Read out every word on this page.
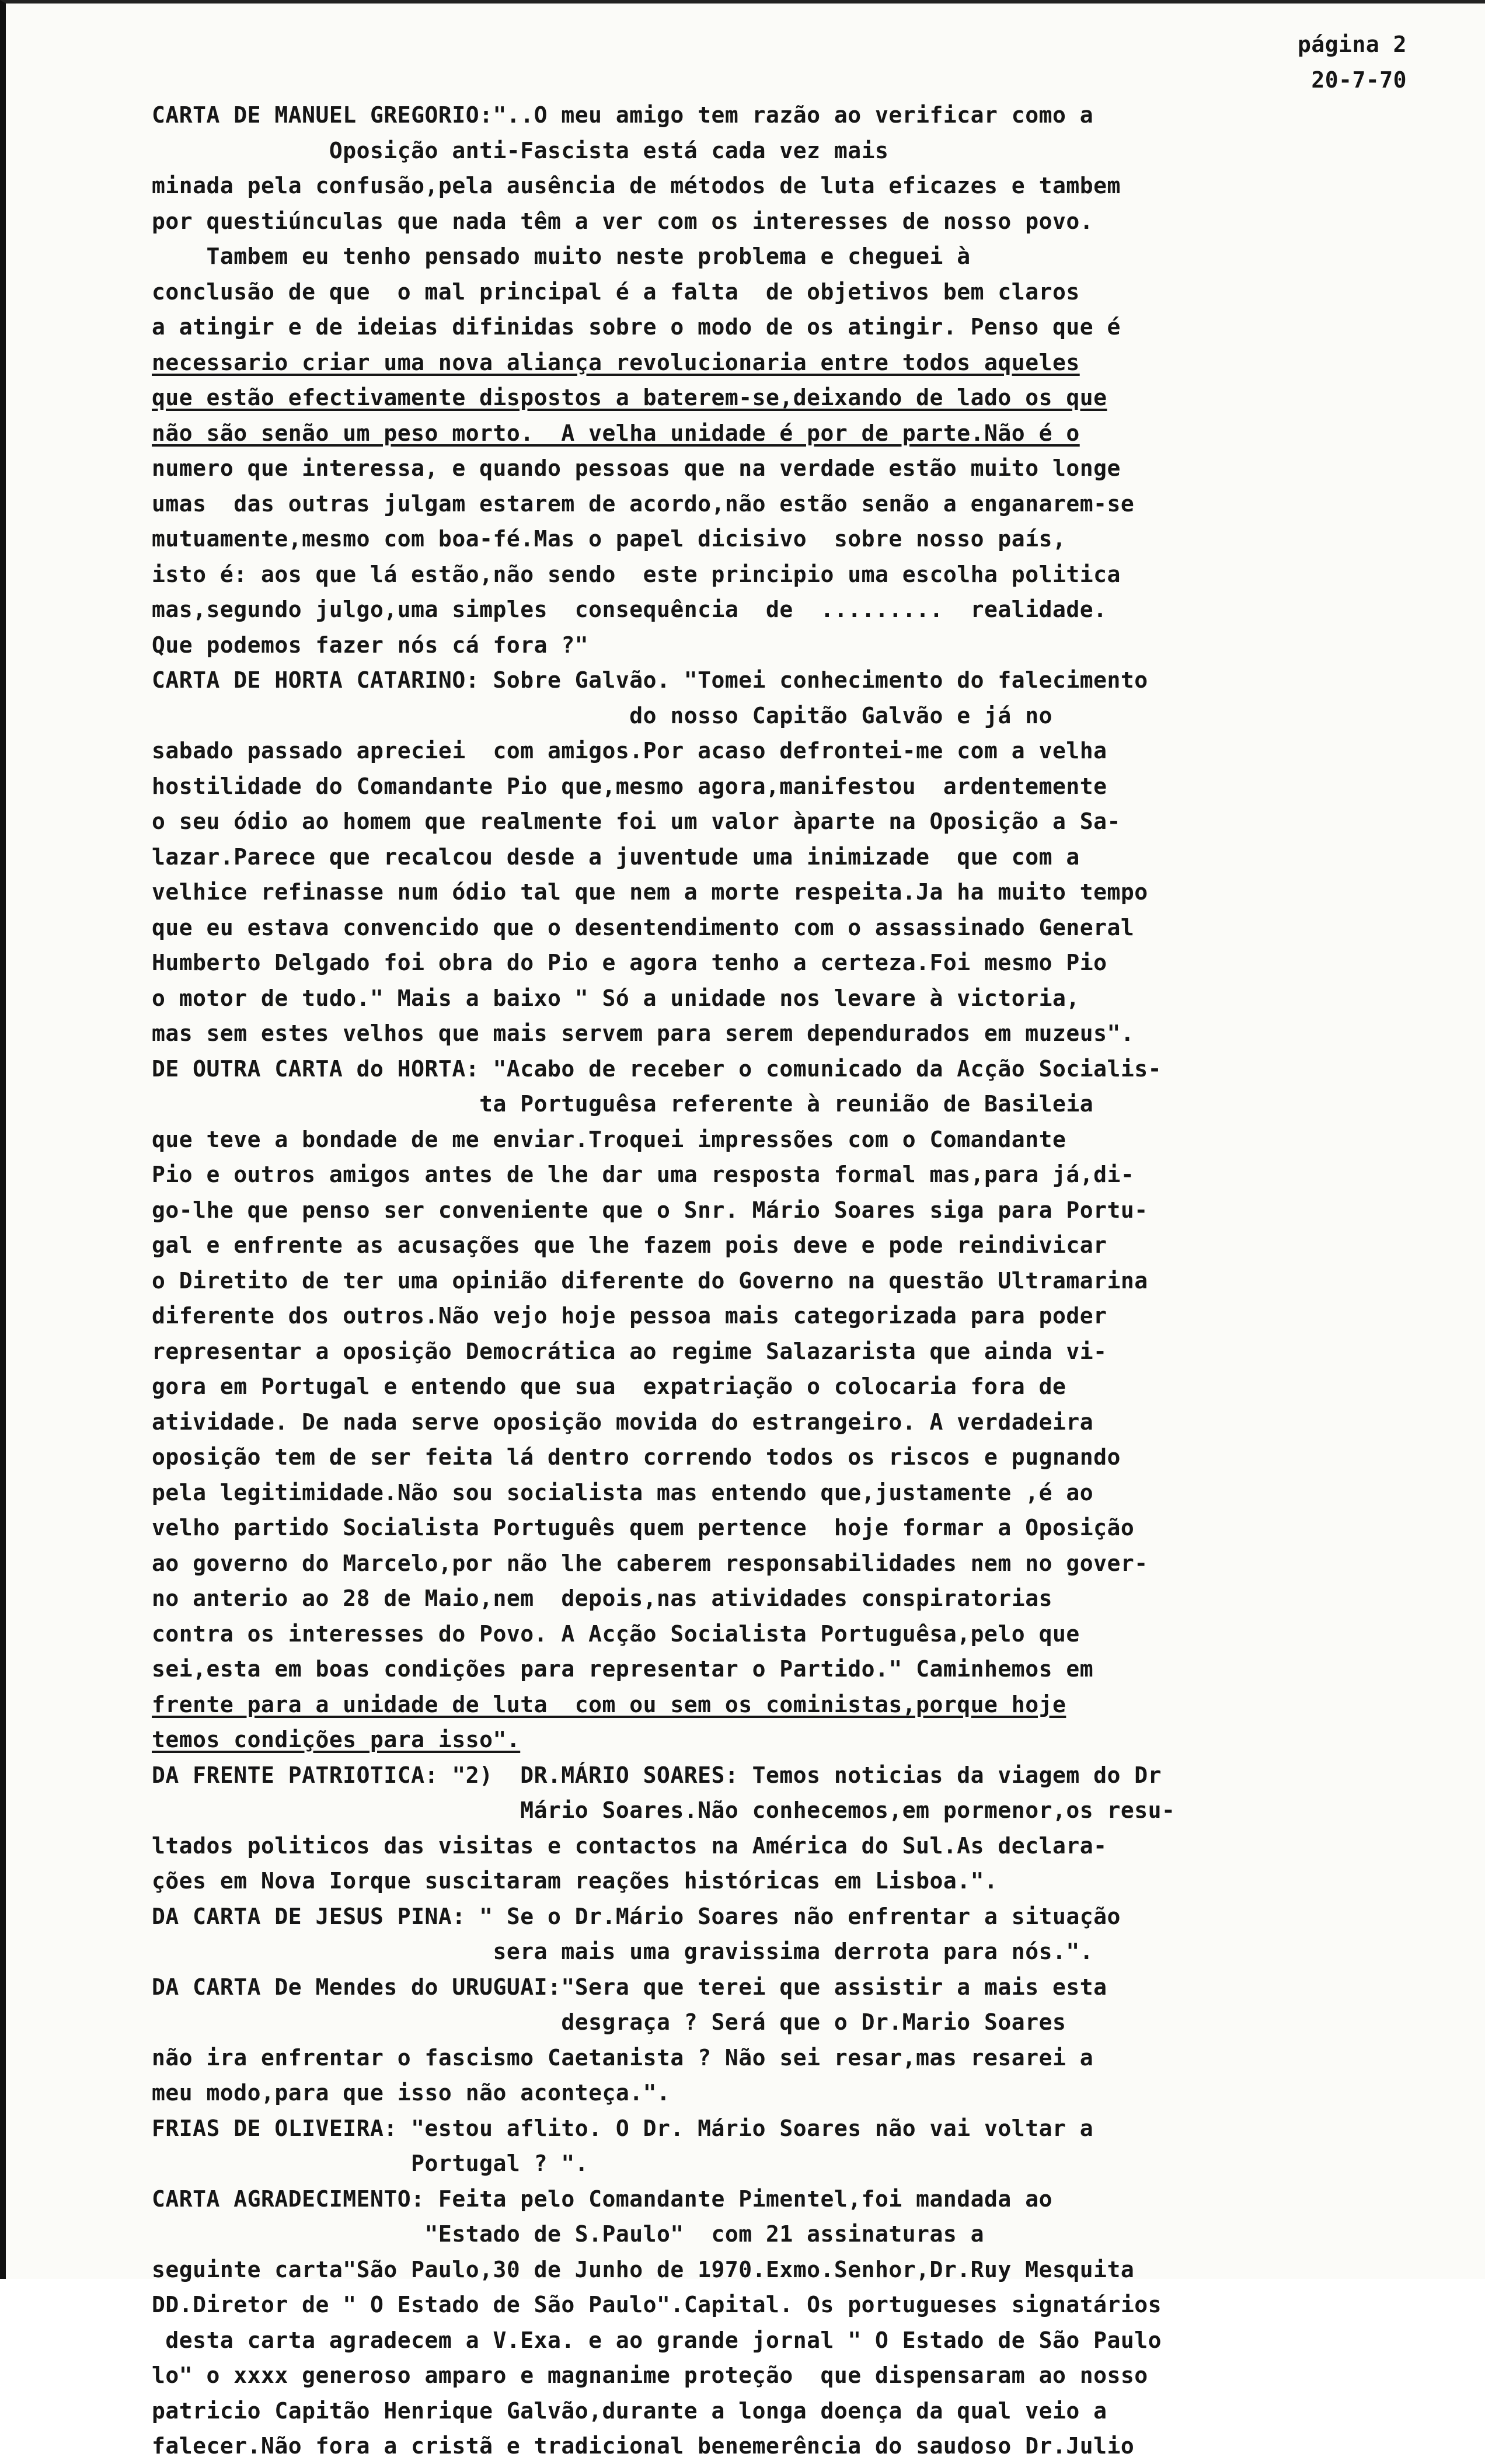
página 2
20-7-70
CARTA DE MANUEL GREGORIO:"..O meu amigo tem razão ao verificar como a
Oposição anti-Fascista está cada vez mais
minada pela confusão,pela ausência de métodos de luta eficazes e tambem
por questiúnculas que nada têm a ver com os interesses de nosso povo.
Tambem eu tenho pensado muito neste problema e cheguei à
conclusão de que  o mal principal é a falta  de objetivos bem claros
a atingir e de ideias difinidas sobre o modo de os atingir. Penso que é
necessario criar uma nova aliança revolucionaria entre todos aqueles
que estão efectivamente dispostos a baterem-se,deixando de lado os que
não são senão um peso morto.  A velha unidade é por de parte.Não é o
numero que interessa, e quando pessoas que na verdade estão muito longe
umas  das outras julgam estarem de acordo,não estão senão a enganarem-se
mutuamente,mesmo com boa-fé.Mas o papel dicisivo  sobre nosso país,
isto é: aos que lá estão,não sendo  este principio uma escolha politica
mas,segundo julgo,uma simples  consequência  de  .........  realidade.
Que podemos fazer nós cá fora ?"
CARTA DE HORTA CATARINO: Sobre Galvão. "Tomei conhecimento do falecimento
do nosso Capitão Galvão e já no
sabado passado apreciei  com amigos.Por acaso defrontei-me com a velha
hostilidade do Comandante Pio que,mesmo agora,manifestou  ardentemente
o seu ódio ao homem que realmente foi um valor àparte na Oposição a Sa-
lazar.Parece que recalcou desde a juventude uma inimizade  que com a
velhice refinasse num ódio tal que nem a morte respeita.Ja ha muito tempo
que eu estava convencido que o desentendimento com o assassinado General
Humberto Delgado foi obra do Pio e agora tenho a certeza.Foi mesmo Pio
o motor de tudo." Mais a baixo " Só a unidade nos levare à victoria,
mas sem estes velhos que mais servem para serem dependurados em muzeus".
DE OUTRA CARTA do HORTA: "Acabo de receber o comunicado da Acção Socialis-
ta Portuguêsa referente à reunião de Basileia
que teve a bondade de me enviar.Troquei impressões com o Comandante
Pio e outros amigos antes de lhe dar uma resposta formal mas,para já,di-
go-lhe que penso ser conveniente que o Snr. Mário Soares siga para Portu-
gal e enfrente as acusações que lhe fazem pois deve e pode reindivicar
o Diretito de ter uma opinião diferente do Governo na questão Ultramarina
diferente dos outros.Não vejo hoje pessoa mais categorizada para poder
representar a oposição Democrática ao regime Salazarista que ainda vi-
gora em Portugal e entendo que sua  expatriação o colocaria fora de
atividade. De nada serve oposição movida do estrangeiro. A verdadeira
oposição tem de ser feita lá dentro correndo todos os riscos e pugnando
pela legitimidade.Não sou socialista mas entendo que,justamente ,é ao
velho partido Socialista Português quem pertence  hoje formar a Oposição
ao governo do Marcelo,por não lhe caberem responsabilidades nem no gover-
no anterio ao 28 de Maio,nem  depois,nas atividades conspiratorias
contra os interesses do Povo. A Acção Socialista Portuguêsa,pelo que
sei,esta em boas condições para representar o Partido." Caminhemos em
frente para a unidade de luta  com ou sem os coministas,porque hoje
temos condições para isso".
DA FRENTE PATRIOTICA: "2)  DR.MÁRIO SOARES: Temos noticias da viagem do Dr
Mário Soares.Não conhecemos,em pormenor,os resu-
ltados politicos das visitas e contactos na América do Sul.As declara-
ções em Nova Iorque suscitaram reações históricas em Lisboa.".
DA CARTA DE JESUS PINA: " Se o Dr.Mário Soares não enfrentar a situação
sera mais uma gravissima derrota para nós.".
DA CARTA De Mendes do URUGUAI:"Sera que terei que assistir a mais esta
desgraça ? Será que o Dr.Mario Soares
não ira enfrentar o fascismo Caetanista ? Não sei resar,mas resarei a
meu modo,para que isso não aconteça.".
FRIAS DE OLIVEIRA: "estou aflito. O Dr. Mário Soares não vai voltar a
Portugal ? ".
CARTA AGRADECIMENTO: Feita pelo Comandante Pimentel,foi mandada ao
"Estado de S.Paulo"  com 21 assinaturas a
seguinte carta"São Paulo,30 de Junho de 1970.Exmo.Senhor,Dr.Ruy Mesquita
DD.Diretor de " O Estado de São Paulo".Capital. Os portugueses signatários
desta carta agradecem a V.Exa. e ao grande jornal " O Estado de São Paulo
lo" o xxxx generoso amparo e magnanime proteção  que dispensaram ao nosso
patricio Capitão Henrique Galvão,durante a longa doença da qual veio a
falecer.Não fora a cristã e tradicional benemerência do saudoso Dr.Julio
